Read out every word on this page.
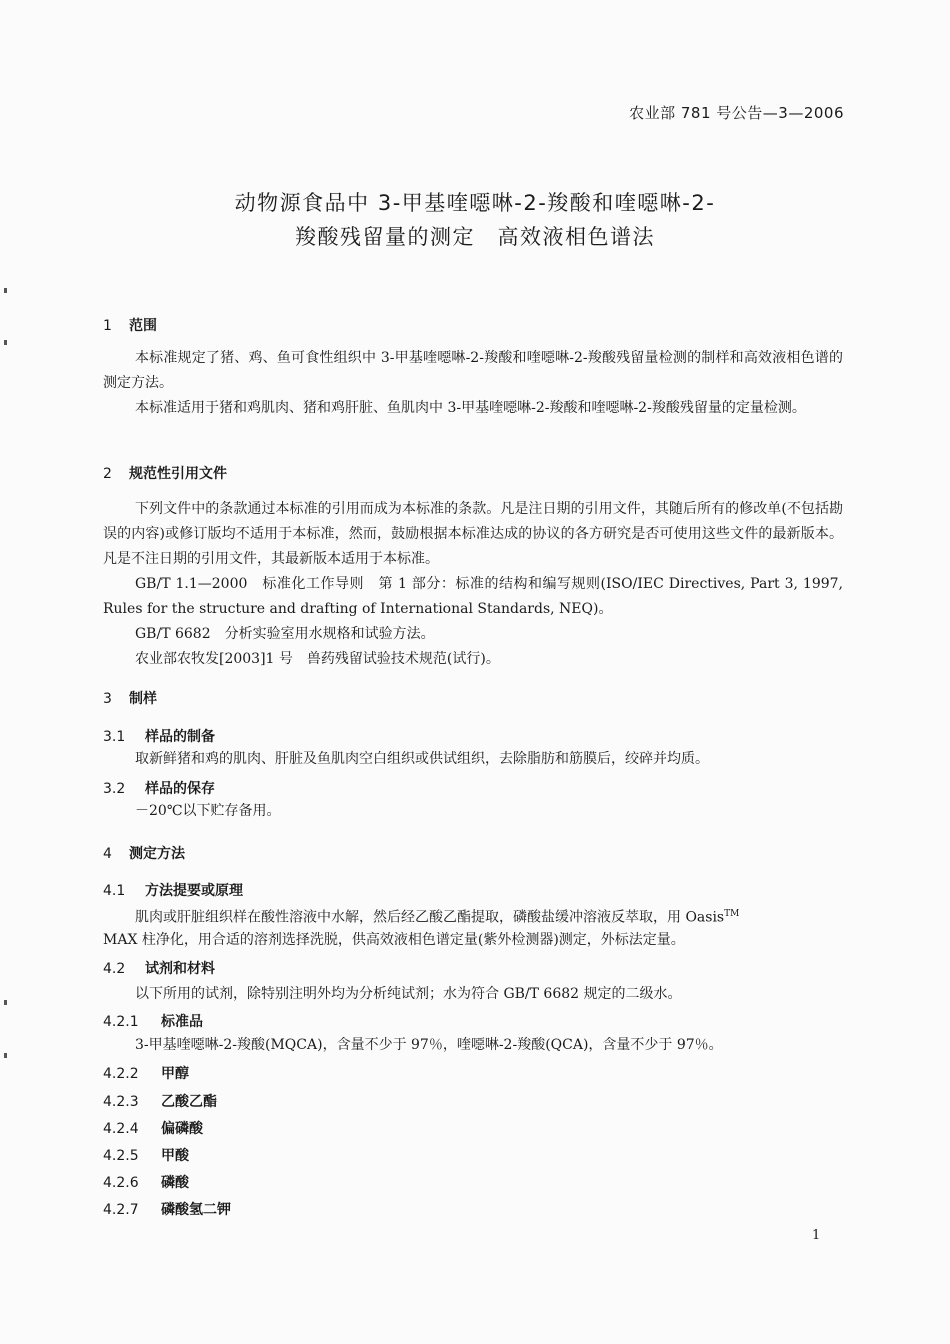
农业部 781 号公告—3—2006
动物源食品中 3-甲基喹噁啉-2-羧酸和喹噁啉-2-
羧酸残留量的测定　高效液相色谱法
1 范围
本标准规定了猪、鸡、鱼可食性组织中 3-甲基喹噁啉-2-羧酸和喹噁啉-2-羧酸残留量检测的制样和高效液相色谱的测定方法。
本标准适用于猪和鸡肌肉、猪和鸡肝脏、鱼肌肉中 3-甲基喹噁啉-2-羧酸和喹噁啉-2-羧酸残留量的定量检测。
2 规范性引用文件
下列文件中的条款通过本标准的引用而成为本标准的条款。凡是注日期的引用文件，其随后所有的修改单(不包括勘误的内容)或修订版均不适用于本标准，然而，鼓励根据本标准达成的协议的各方研究是否可使用这些文件的最新版本。凡是不注日期的引用文件，其最新版本适用于本标准。
GB/T 1.1—2000　标准化工作导则　第 1 部分：标准的结构和编写规则(ISO/IEC Directives, Part 3, 1997, Rules for the structure and drafting of International Standards, NEQ)。
GB/T 6682　分析实验室用水规格和试验方法。
农业部农牧发[2003]1 号　兽药残留试验技术规范(试行)。
3 制样
3.1 样品的制备
取新鲜猪和鸡的肌肉、肝脏及鱼肌肉空白组织或供试组织，去除脂肪和筋膜后，绞碎并均质。
3.2 样品的保存
－20℃以下贮存备用。
4 测定方法
4.1 方法提要或原理
肌肉或肝脏组织样在酸性溶液中水解，然后经乙酸乙酯提取，磷酸盐缓冲溶液反萃取，用 Oasis™
MAX 柱净化，用合适的溶剂选择洗脱，供高效液相色谱定量(紫外检测器)测定，外标法定量。
4.2 试剂和材料
以下所用的试剂，除特别注明外均为分析纯试剂；水为符合 GB/T 6682 规定的二级水。
4.2.1 标准品
3-甲基喹噁啉-2-羧酸(MQCA)，含量不少于 97％，喹噁啉-2-羧酸(QCA)，含量不少于 97％。
4.2.2 甲醇
4.2.3 乙酸乙酯
4.2.4 偏磷酸
4.2.5 甲酸
4.2.6 磷酸
4.2.7 磷酸氢二钾
1
